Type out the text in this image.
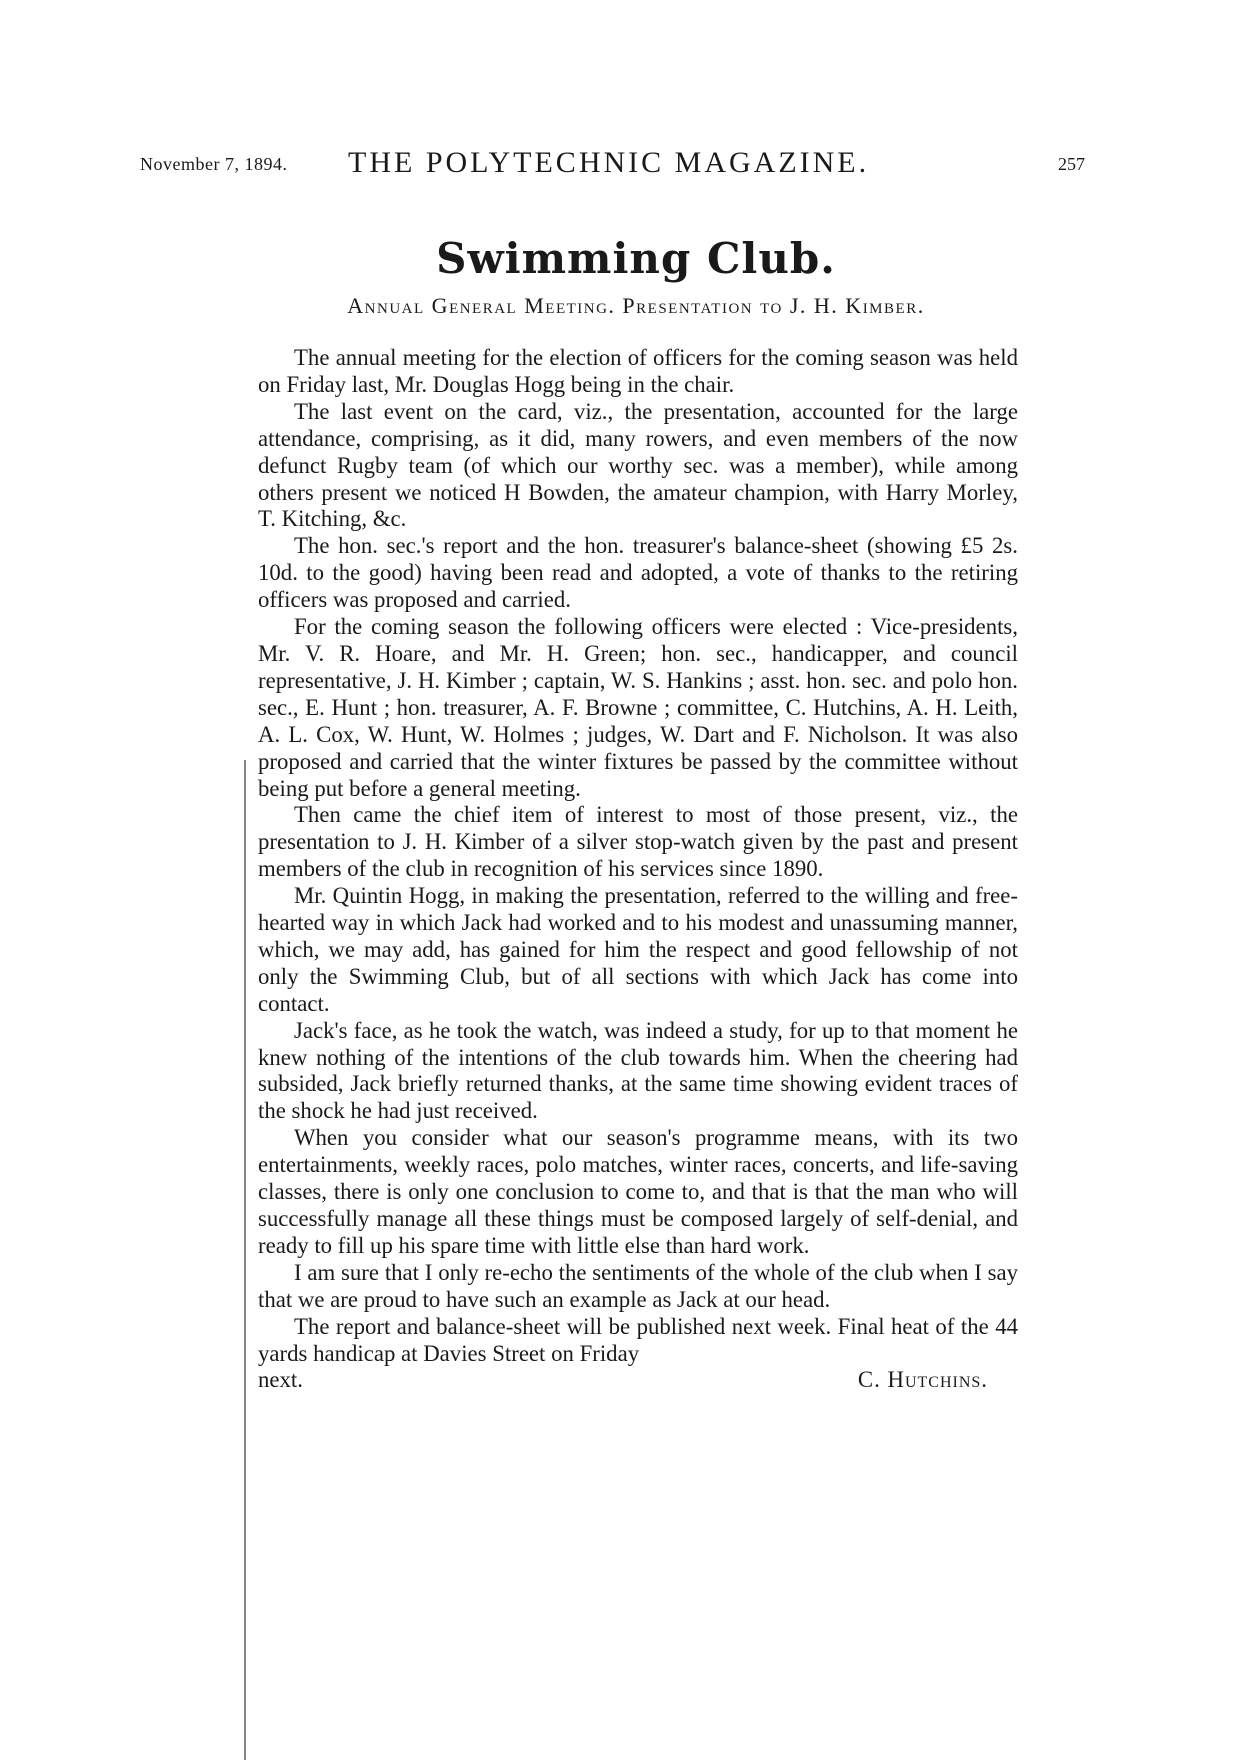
November 7, 1894. THE POLYTECHNIC MAGAZINE.	257
Swimming Club.
Annual General Meeting. Presentation to J. H. Kimber.

The annual meeting for the election of officers for the coming season was held on Friday last, Mr. Douglas Hogg being in the chair.

The last event on the card, viz., the presentation, accounted for the large attendance, comprising, as it did, many rowers, and even members of the now defunct Rugby team (of which our worthy sec. was a member), while among others present we noticed H Bowden, the amateur champion, with Harry Morley, T. Kitching, &c.

The hon. sec.'s report and the hon. treasurer's balance-sheet (showing £5 2s. 10d. to the good) having been read and adopted, a vote of thanks to the retiring officers was proposed and carried.

For the coming season the following officers were elected : Vice-presidents, Mr. V. R. Hoare, and Mr. H. Green; hon. sec., handicapper, and council representative, J. H. Kimber ; captain, W. S. Hankins ; asst. hon. sec. and polo hon. sec., E. Hunt ; hon. treasurer, A. F. Browne ; committee, C. Hutchins, A. H. Leith, A. L. Cox, W. Hunt, W. Holmes ; judges, W. Dart and F. Nicholson. It was also proposed and carried that the winter fixtures be passed by the committee without being put before a general meeting.

Then came the chief item of interest to most of those present, viz., the presentation to J. H. Kimber of a silver stop-watch given by the past and present members of the club in recognition of his services since 1890.

Mr. Quintin Hogg, in making the presentation, referred to the willing and free-hearted way in which Jack had worked and to his modest and unassuming manner, which, we may add, has gained for him the respect and good fellowship of not only the Swimming Club, but of all sections with which Jack has come into contact.

Jack's face, as he took the watch, was indeed a study, for up to that moment he knew nothing of the intentions of the club towards him. When the cheering had subsided, Jack briefly returned thanks, at the same time showing evident traces of the shock he had just received.

When you consider what our season's programme means, with its two entertainments, weekly races, polo matches, winter races, concerts, and life-saving classes, there is only one conclusion to come to, and that is that the man who will successfully manage all these things must be composed largely of self-denial, and ready to fill up his spare time with little else than hard work.

I am sure that I only re-echo the sentiments of the whole of the club when I say that we are proud to have such an example as Jack at our head.

The report and balance-sheet will be published next week. Final heat of the 44 yards handicap at Davies Street on Friday

next.	C. Hutchins.
